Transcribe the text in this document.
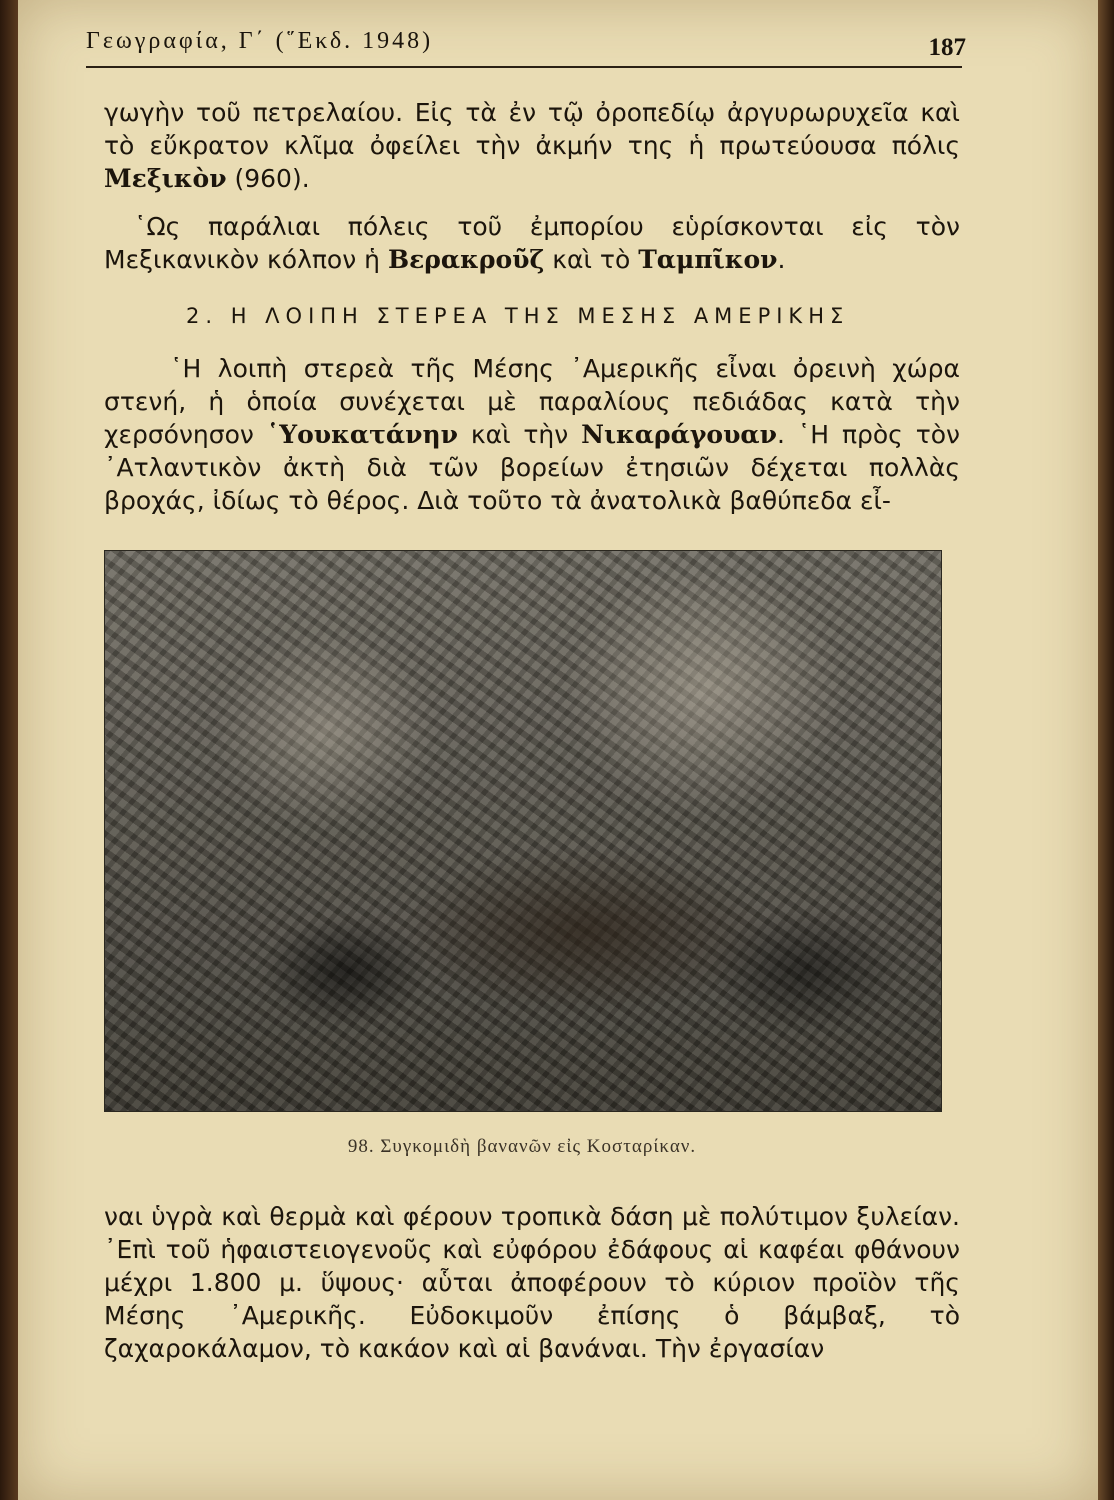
Γεωγραφία, Γ΄ (῞Εκδ. 1948)	187
γωγὴν τοῦ πετρελαίου. Εἰς τὰ ἐν τῷ ὀροπεδίῳ ἀργυρωρυχεῖα καὶ τὸ εὔκρατον κλῖμα ὀφείλει τὴν ἀκμήν της ἡ πρωτεύουσα πόλις Μεξικὸν (960).
῾Ως παράλιαι πόλεις τοῦ ἐμπορίου εὑρίσκονται εἰς τὸν Μεξικανικὸν κόλπον ἡ Βερακροῦζ καὶ τὸ Ταμπῖκον.
2. Η ΛΟΙΠΗ ΣΤΕΡΕΑ ΤΗΣ ΜΕΣΗΣ ΑΜΕΡΙΚΗΣ
῾Η λοιπὴ στερεὰ τῆς Μέσης ᾿Αμερικῆς εἶναι ὀρεινὴ χώρα στενή, ἡ ὁποία συνέχεται μὲ παραλίους πεδιάδας κατὰ τὴν χερσόνησον ῾Υουκατάνην καὶ τὴν Νικαράγουαν. ῾Η πρὸς τὸν ᾿Ατλαντικὸν ἀκτὴ διὰ τῶν βορείων ἐτησιῶν δέχεται πολλὰς βροχάς, ἰδίως τὸ θέρος. Διὰ τοῦτο τὰ ἀνατολικὰ βαθύπεδα εἶ-
98. Συγκομιδὴ βανανῶν εἰς Κοσταρίκαν.
ναι ὑγρὰ καὶ θερμὰ καὶ φέρουν τροπικὰ δάση μὲ πολύτιμον ξυλείαν. ᾿Επὶ τοῦ ἡφαιστειογενοῦς καὶ εὐφόρου ἐδάφους αἱ καφέαι φθάνουν μέχρι 1.800 μ. ὕψους· αὗται ἀποφέρουν τὸ κύριον προϊὸν τῆς Μέσης ᾿Αμερικῆς. Εὐδοκιμοῦν ἐπίσης ὁ βάμβαξ, τὸ ζαχαροκάλαμον, τὸ κακάον καὶ αἱ βανάναι. Τὴν ἐργασίαν
